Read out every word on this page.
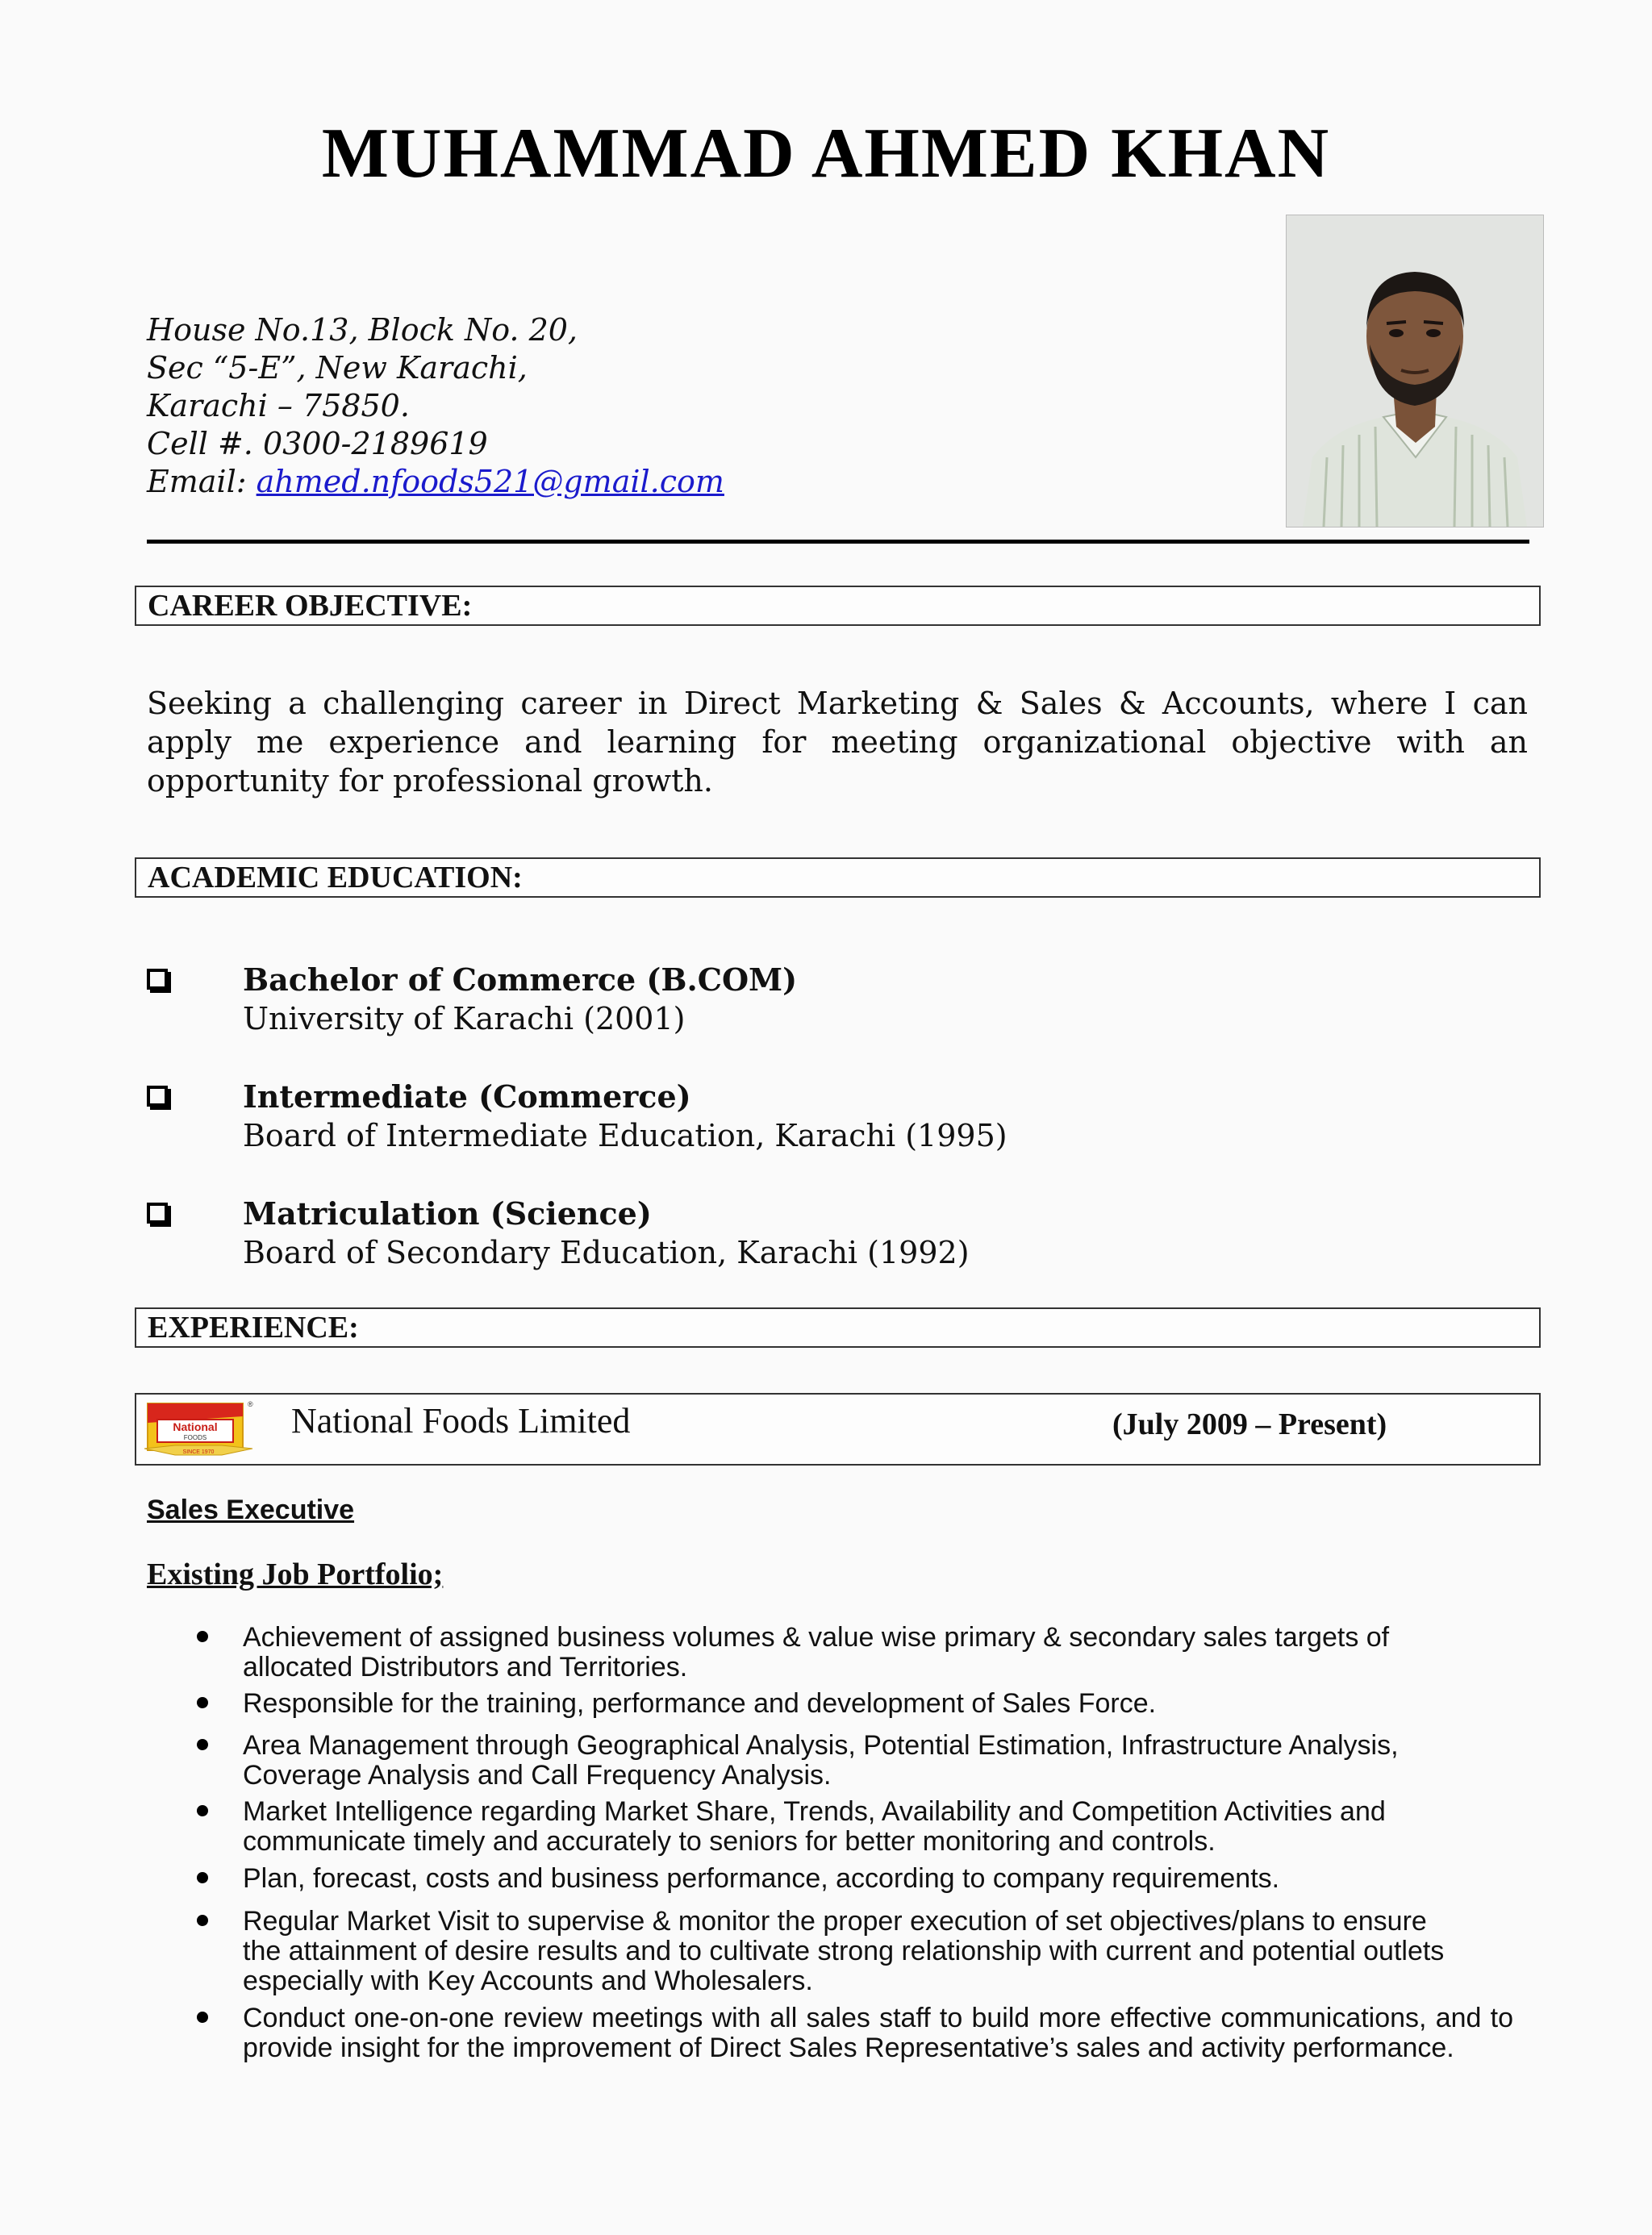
MUHAMMAD AHMED KHAN
House No.13, Block No. 20,
Sec “5-E”, New Karachi,
Karachi – 75850.
Cell #. 0300-2189619
Email: ahmed.nfoods521@gmail.com
CAREER OBJECTIVE:
Seeking a challenging career in Direct Marketing & Sales & Accounts, where I can apply me experience and learning for meeting organizational objective with an opportunity for professional growth.
ACADEMIC EDUCATION:
Bachelor of Commerce (B.COM)
University of Karachi (2001)
Intermediate (Commerce)
Board of Intermediate Education, Karachi (1995)
Matriculation (Science)
Board of Secondary Education, Karachi (1992)
EXPERIENCE:
National
FOODS
SINCE 1970
® National Foods Limited	(July 2009 – Present)
Sales Executive
Existing Job Portfolio;
Achievement of assigned business volumes & value wise primary & secondary sales targets of allocated Distributors and Territories.
Responsible for the training, performance and development of Sales Force.
Area Management through Geographical Analysis, Potential Estimation, Infrastructure Analysis, Coverage Analysis and Call Frequency Analysis.
Market Intelligence regarding Market Share, Trends, Availability and Competition Activities and communicate timely and accurately to seniors for better monitoring and controls.
Plan, forecast, costs and business performance, according to company requirements.
Regular Market Visit to supervise & monitor the proper execution of set objectives/plans to ensure the attainment of desire results and to cultivate strong relationship with current and potential outlets especially with Key Accounts and Wholesalers.
Conduct one-on-one review meetings with all sales staff to build more effective communications, and to provide insight for the improvement of Direct Sales Representative’s sales and activity performance.
